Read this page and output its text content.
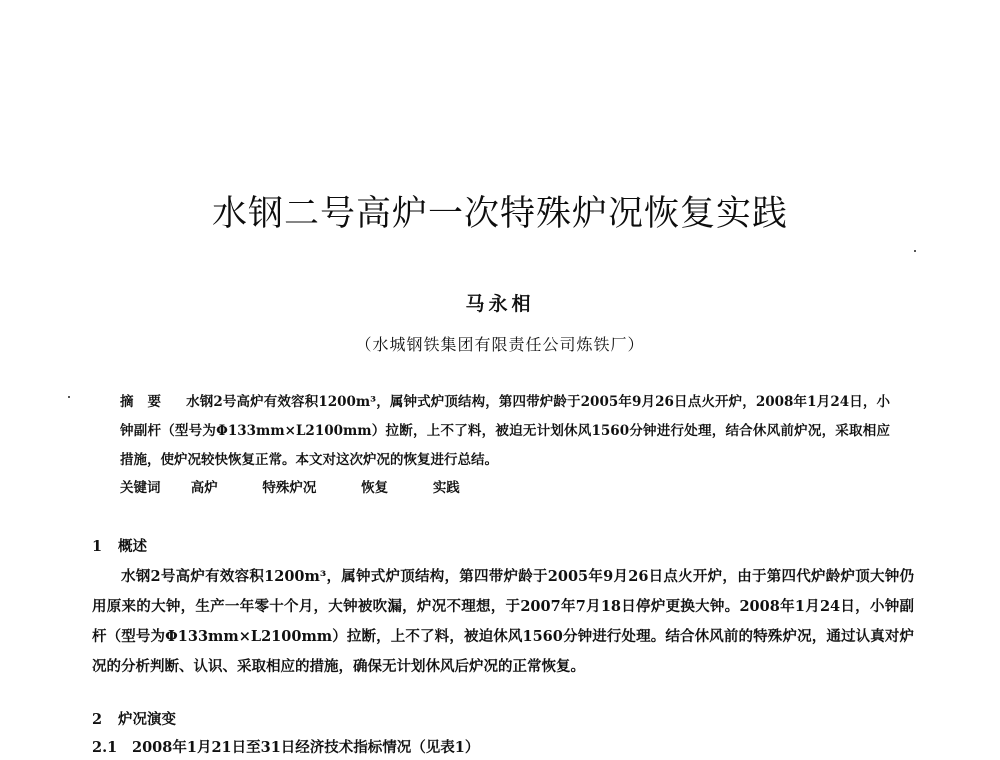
水钢二号高炉一次特殊炉况恢复实践
马永相
（水城钢铁集团有限责任公司炼铁厂）
摘要 水钢2号高炉有效容积1200m³，属钟式炉顶结构，第四带炉龄于2005年9月26日点火开炉，2008年1月24日，小钟副杆（型号为Φ133mm×L2100mm）拉断，上不了料，被迫无计划休风1560分钟进行处理，结合休风前炉况，采取相应措施，使炉况较快恢复正常。本文对这次炉况的恢复进行总结。
关键词 高炉	特殊炉况	恢复	实践
1 概述
水钢2号高炉有效容积1200m³，属钟式炉顶结构，第四带炉龄于2005年9月26日点火开炉，由于第四代炉龄炉顶大钟仍用原来的大钟，生产一年零十个月，大钟被吹漏，炉况不理想，于2007年7月18日停炉更换大钟。2008年1月24日，小钟副杆（型号为Φ133mm×L2100mm）拉断，上不了料，被迫休风1560分钟进行处理。结合休风前的特殊炉况，通过认真对炉况的分析判断、认识、采取相应的措施，确保无计划休风后炉况的正常恢复。
2 炉况演变
2.1 2008年1月21日至31日经济技术指标情况（见表1）
